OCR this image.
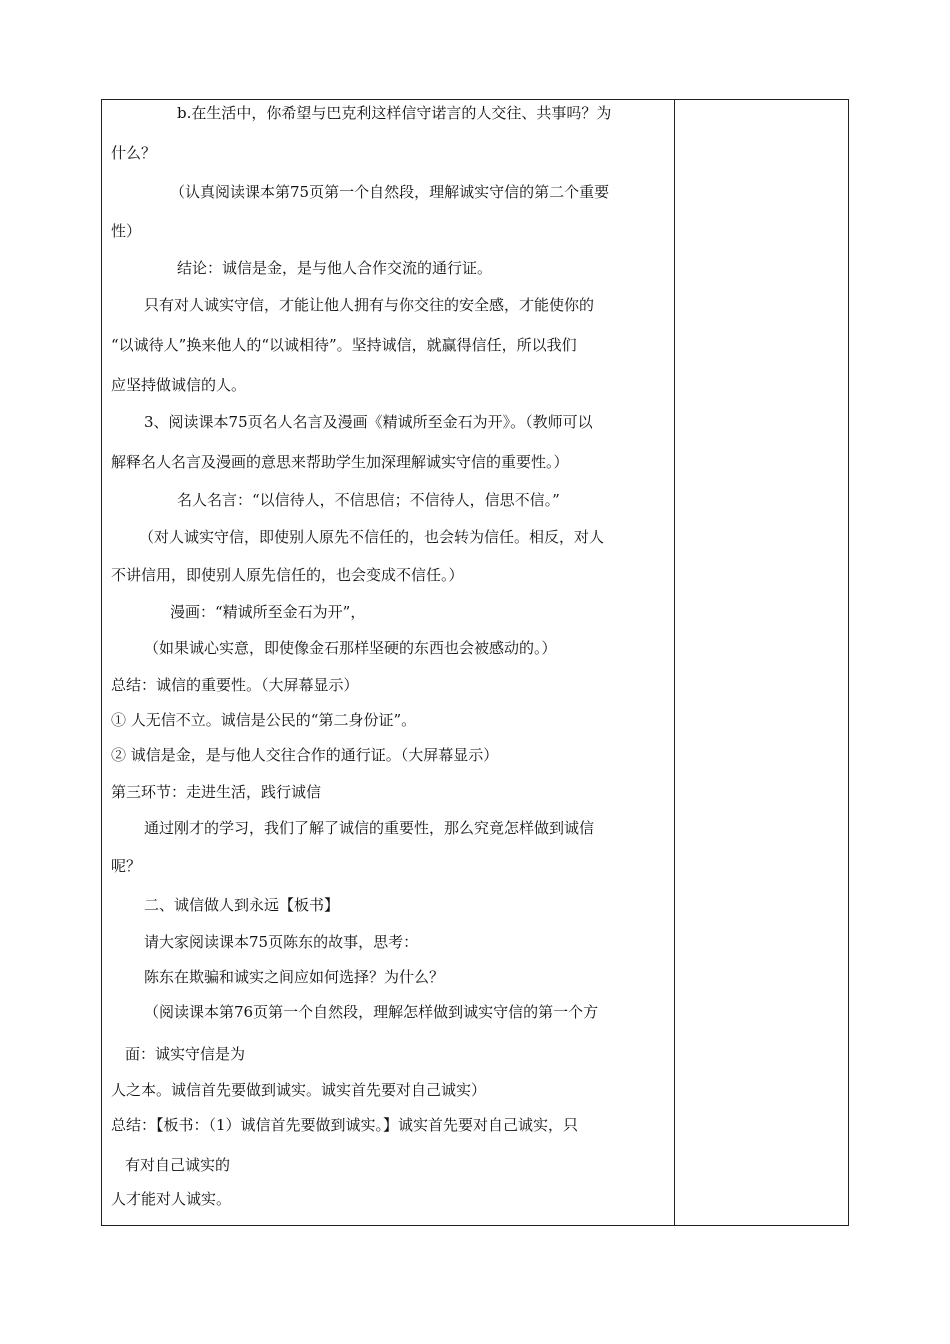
b.在生活中，你希望与巴克利这样信守诺言的人交往、共事吗？为
什么？
（认真阅读课本第75页第一个自然段，理解诚实守信的第二个重要
性）
结论：诚信是金，是与他人合作交流的通行证。
只有对人诚实守信，才能让他人拥有与你交往的安全感，才能使你的
“以诚待人”换来他人的“以诚相待”。坚持诚信，就赢得信任，所以我们
应坚持做诚信的人。
3、阅读课本75页名人名言及漫画《精诚所至金石为开》。（教师可以
解释名人名言及漫画的意思来帮助学生加深理解诚实守信的重要性。）
名人名言：“以信待人，不信思信；不信待人，信思不信。”
（对人诚实守信，即使别人原先不信任的，也会转为信任。相反，对人
不讲信用，即使别人原先信任的，也会变成不信任。）
漫画：“精诚所至金石为开”，
（如果诚心实意，即使像金石那样坚硬的东西也会被感动的。）
总结：诚信的重要性。（大屏幕显示）
① 人无信不立。诚信是公民的“第二身份证”。
② 诚信是金，是与他人交往合作的通行证。（大屏幕显示）
第三环节：走进生活，践行诚信
通过刚才的学习，我们了解了诚信的重要性，那么究竟怎样做到诚信
呢？
二、诚信做人到永远【板书】
请大家阅读课本75页陈东的故事，思考：
陈东在欺骗和诚实之间应如何选择？为什么？
（阅读课本第76页第一个自然段，理解怎样做到诚实守信的第一个方
面：诚实守信是为
人之本。诚信首先要做到诚实。诚实首先要对自己诚实）
总结：【板书：（1）诚信首先要做到诚实。】诚实首先要对自己诚实，只
有对自己诚实的
人才能对人诚实。
